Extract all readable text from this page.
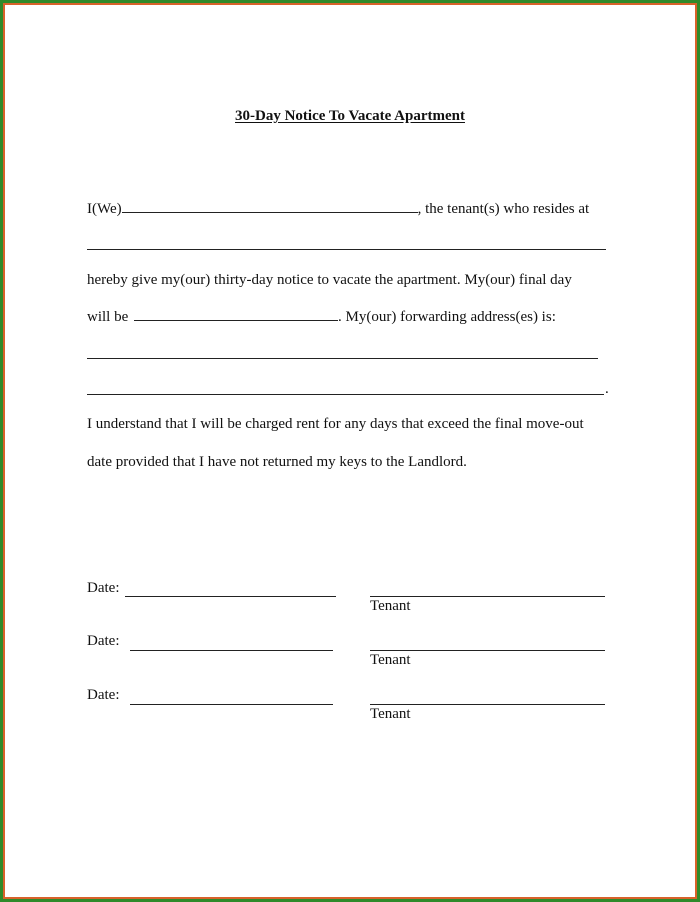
30-Day Notice To Vacate Apartment
I(We)	, the tenant(s) who resides at
hereby give my(our) thirty-day notice to vacate the apartment. My(our) final day
will be	. My(our) forwarding address(es) is:
.
I understand that I will be charged rent for any days that exceed the final move-out
date provided that I have not returned my keys to the Landlord.
Date:
Tenant
Date:
Tenant
Date:
Tenant
